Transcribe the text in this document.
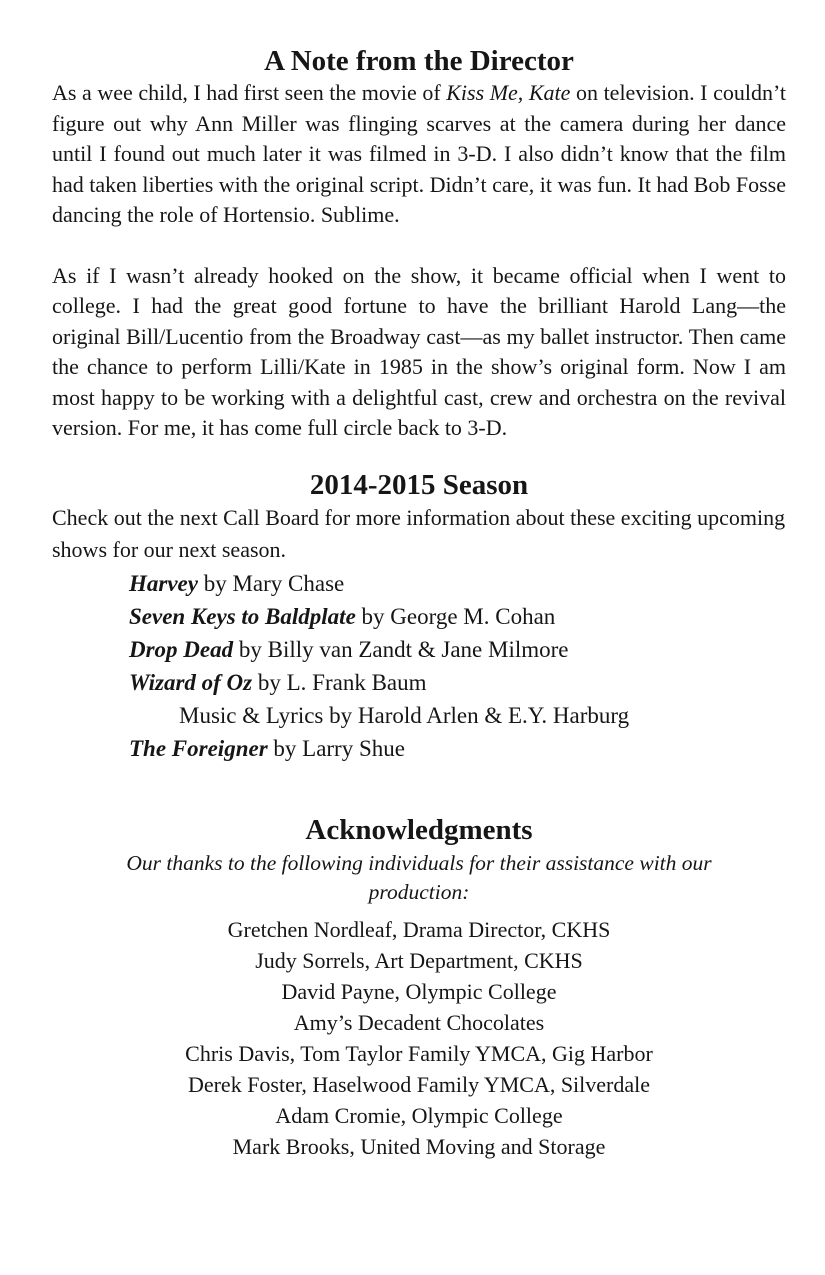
A Note from the Director

As a wee child, I had first seen the movie of Kiss Me, Kate on television. I couldn’t figure out why Ann Miller was flinging scarves at the camera during her dance until I found out much later it was filmed in 3-D. I also didn’t know that the film had taken liberties with the original script. Didn’t care, it was fun. It had Bob Fosse dancing the role of Hortensio. Sublime.

As if I wasn’t already hooked on the show, it became official when I went to college. I had the great good fortune to have the brilliant Harold Lang—the original Bill/Lucentio from the Broadway cast—as my ballet instructor. Then came the chance to perform Lilli/Kate in 1985 in the show’s original form. Now I am most happy to be working with a delightful cast, crew and orchestra on the revival version. For me, it has come full circle back to 3-D.

2014-2015 Season

Check out the next Call Board for more information about these exciting upcoming shows for our next season.

Harvey by Mary Chase
Seven Keys to Baldplate by George M. Cohan
Drop Dead by Billy van Zandt & Jane Milmore
Wizard of Oz by L. Frank Baum
Music & Lyrics by Harold Arlen & E.Y. Harburg
The Foreigner by Larry Shue
Acknowledgments

Our thanks to the following individuals for their assistance with our production:

Gretchen Nordleaf, Drama Director, CKHS
Judy Sorrels, Art Department, CKHS
David Payne, Olympic College
Amy’s Decadent Chocolates
Chris Davis, Tom Taylor Family YMCA, Gig Harbor
Derek Foster, Haselwood Family YMCA, Silverdale
Adam Cromie, Olympic College
Mark Brooks, United Moving and Storage
